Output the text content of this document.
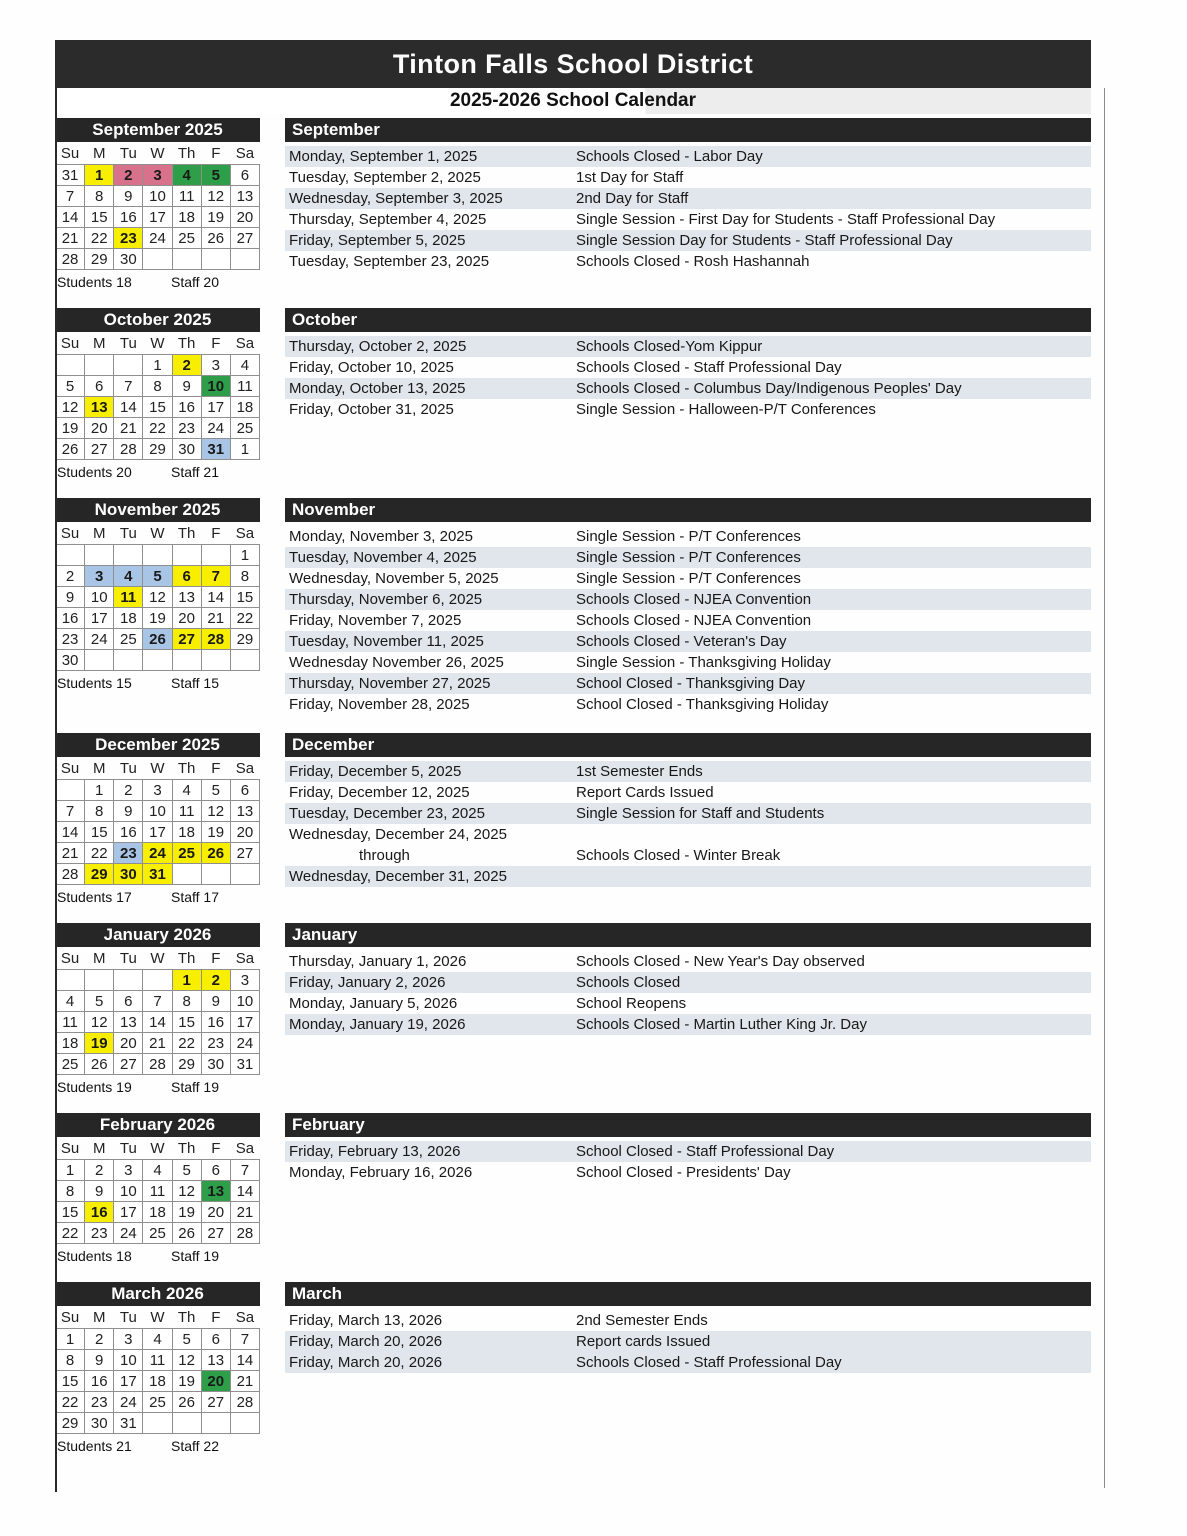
Tinton Falls School District
2025-2026 School Calendar
September 2025
Su	M	Tu	W	Th	F	Sa
31	1	2	3	4	5	6
7	8	9	10	11	12	13
14	15	16	17	18	19	20
21	22	23	24	25	26	27
28	29	30				
Students 18	Staff 20
September
Monday, September 1, 2025	Schools Closed - Labor Day
Tuesday, September 2, 2025	1st Day for Staff
Wednesday, September 3, 2025	2nd Day for Staff
Thursday, September 4, 2025	Single Session - First Day for Students - Staff Professional Day
Friday, September 5, 2025	Single Session Day for Students - Staff Professional Day
Tuesday, September 23, 2025	Schools Closed - Rosh Hashannah
October 2025
Su	M	Tu	W	Th	F	Sa
			1	2	3	4
5	6	7	8	9	10	11
12	13	14	15	16	17	18
19	20	21	22	23	24	25
26	27	28	29	30	31	1
Students 20	Staff 21
October
Thursday, October 2, 2025	Schools Closed-Yom Kippur
Friday, October 10, 2025	Schools Closed - Staff Professional Day
Monday, October 13, 2025	Schools Closed - Columbus Day/Indigenous Peoples' Day
Friday, October 31, 2025	Single Session - Halloween-P/T Conferences
November 2025
Su	M	Tu	W	Th	F	Sa
						1
2	3	4	5	6	7	8
9	10	11	12	13	14	15
16	17	18	19	20	21	22
23	24	25	26	27	28	29
30						
Students 15	Staff 15
November
Monday, November 3, 2025	Single Session - P/T Conferences
Tuesday, November 4, 2025	Single Session - P/T Conferences
Wednesday, November 5, 2025	Single Session - P/T Conferences
Thursday, November 6, 2025	Schools Closed - NJEA Convention
Friday, November 7, 2025	Schools Closed - NJEA Convention
Tuesday, November 11, 2025	Schools Closed - Veteran's Day
Wednesday November 26, 2025	Single Session - Thanksgiving Holiday
Thursday, November 27, 2025	School Closed - Thanksgiving Day
Friday, November 28, 2025	School Closed - Thanksgiving Holiday
December 2025
Su	M	Tu	W	Th	F	Sa
	1	2	3	4	5	6
7	8	9	10	11	12	13
14	15	16	17	18	19	20
21	22	23	24	25	26	27
28	29	30	31			
Students 17	Staff 17
December
Friday, December 5, 2025	1st Semester Ends
Friday, December 12, 2025	Report Cards Issued
Tuesday, December 23, 2025	Single Session for Staff and Students
Wednesday, December 24, 2025
through	Schools Closed - Winter Break
Wednesday, December 31, 2025
January 2026
Su	M	Tu	W	Th	F	Sa
				1	2	3
4	5	6	7	8	9	10
11	12	13	14	15	16	17
18	19	20	21	22	23	24
25	26	27	28	29	30	31
Students 19	Staff 19
January
Thursday, January 1, 2026	Schools Closed - New Year's Day observed
Friday, January 2, 2026	Schools Closed
Monday, January 5, 2026	School Reopens
Monday, January 19, 2026	Schools Closed - Martin Luther King Jr. Day
February 2026
Su	M	Tu	W	Th	F	Sa
1	2	3	4	5	6	7
8	9	10	11	12	13	14
15	16	17	18	19	20	21
22	23	24	25	26	27	28
Students 18	Staff 19
February
Friday, February 13, 2026	School Closed - Staff Professional Day
Monday, February 16, 2026	School Closed - Presidents' Day
March 2026
Su	M	Tu	W	Th	F	Sa
1	2	3	4	5	6	7
8	9	10	11	12	13	14
15	16	17	18	19	20	21
22	23	24	25	26	27	28
29	30	31				
Students 21	Staff 22
March
Friday, March 13, 2026	2nd Semester Ends
Friday, March 20, 2026	Report cards Issued
Friday, March 20, 2026	Schools Closed - Staff Professional Day
